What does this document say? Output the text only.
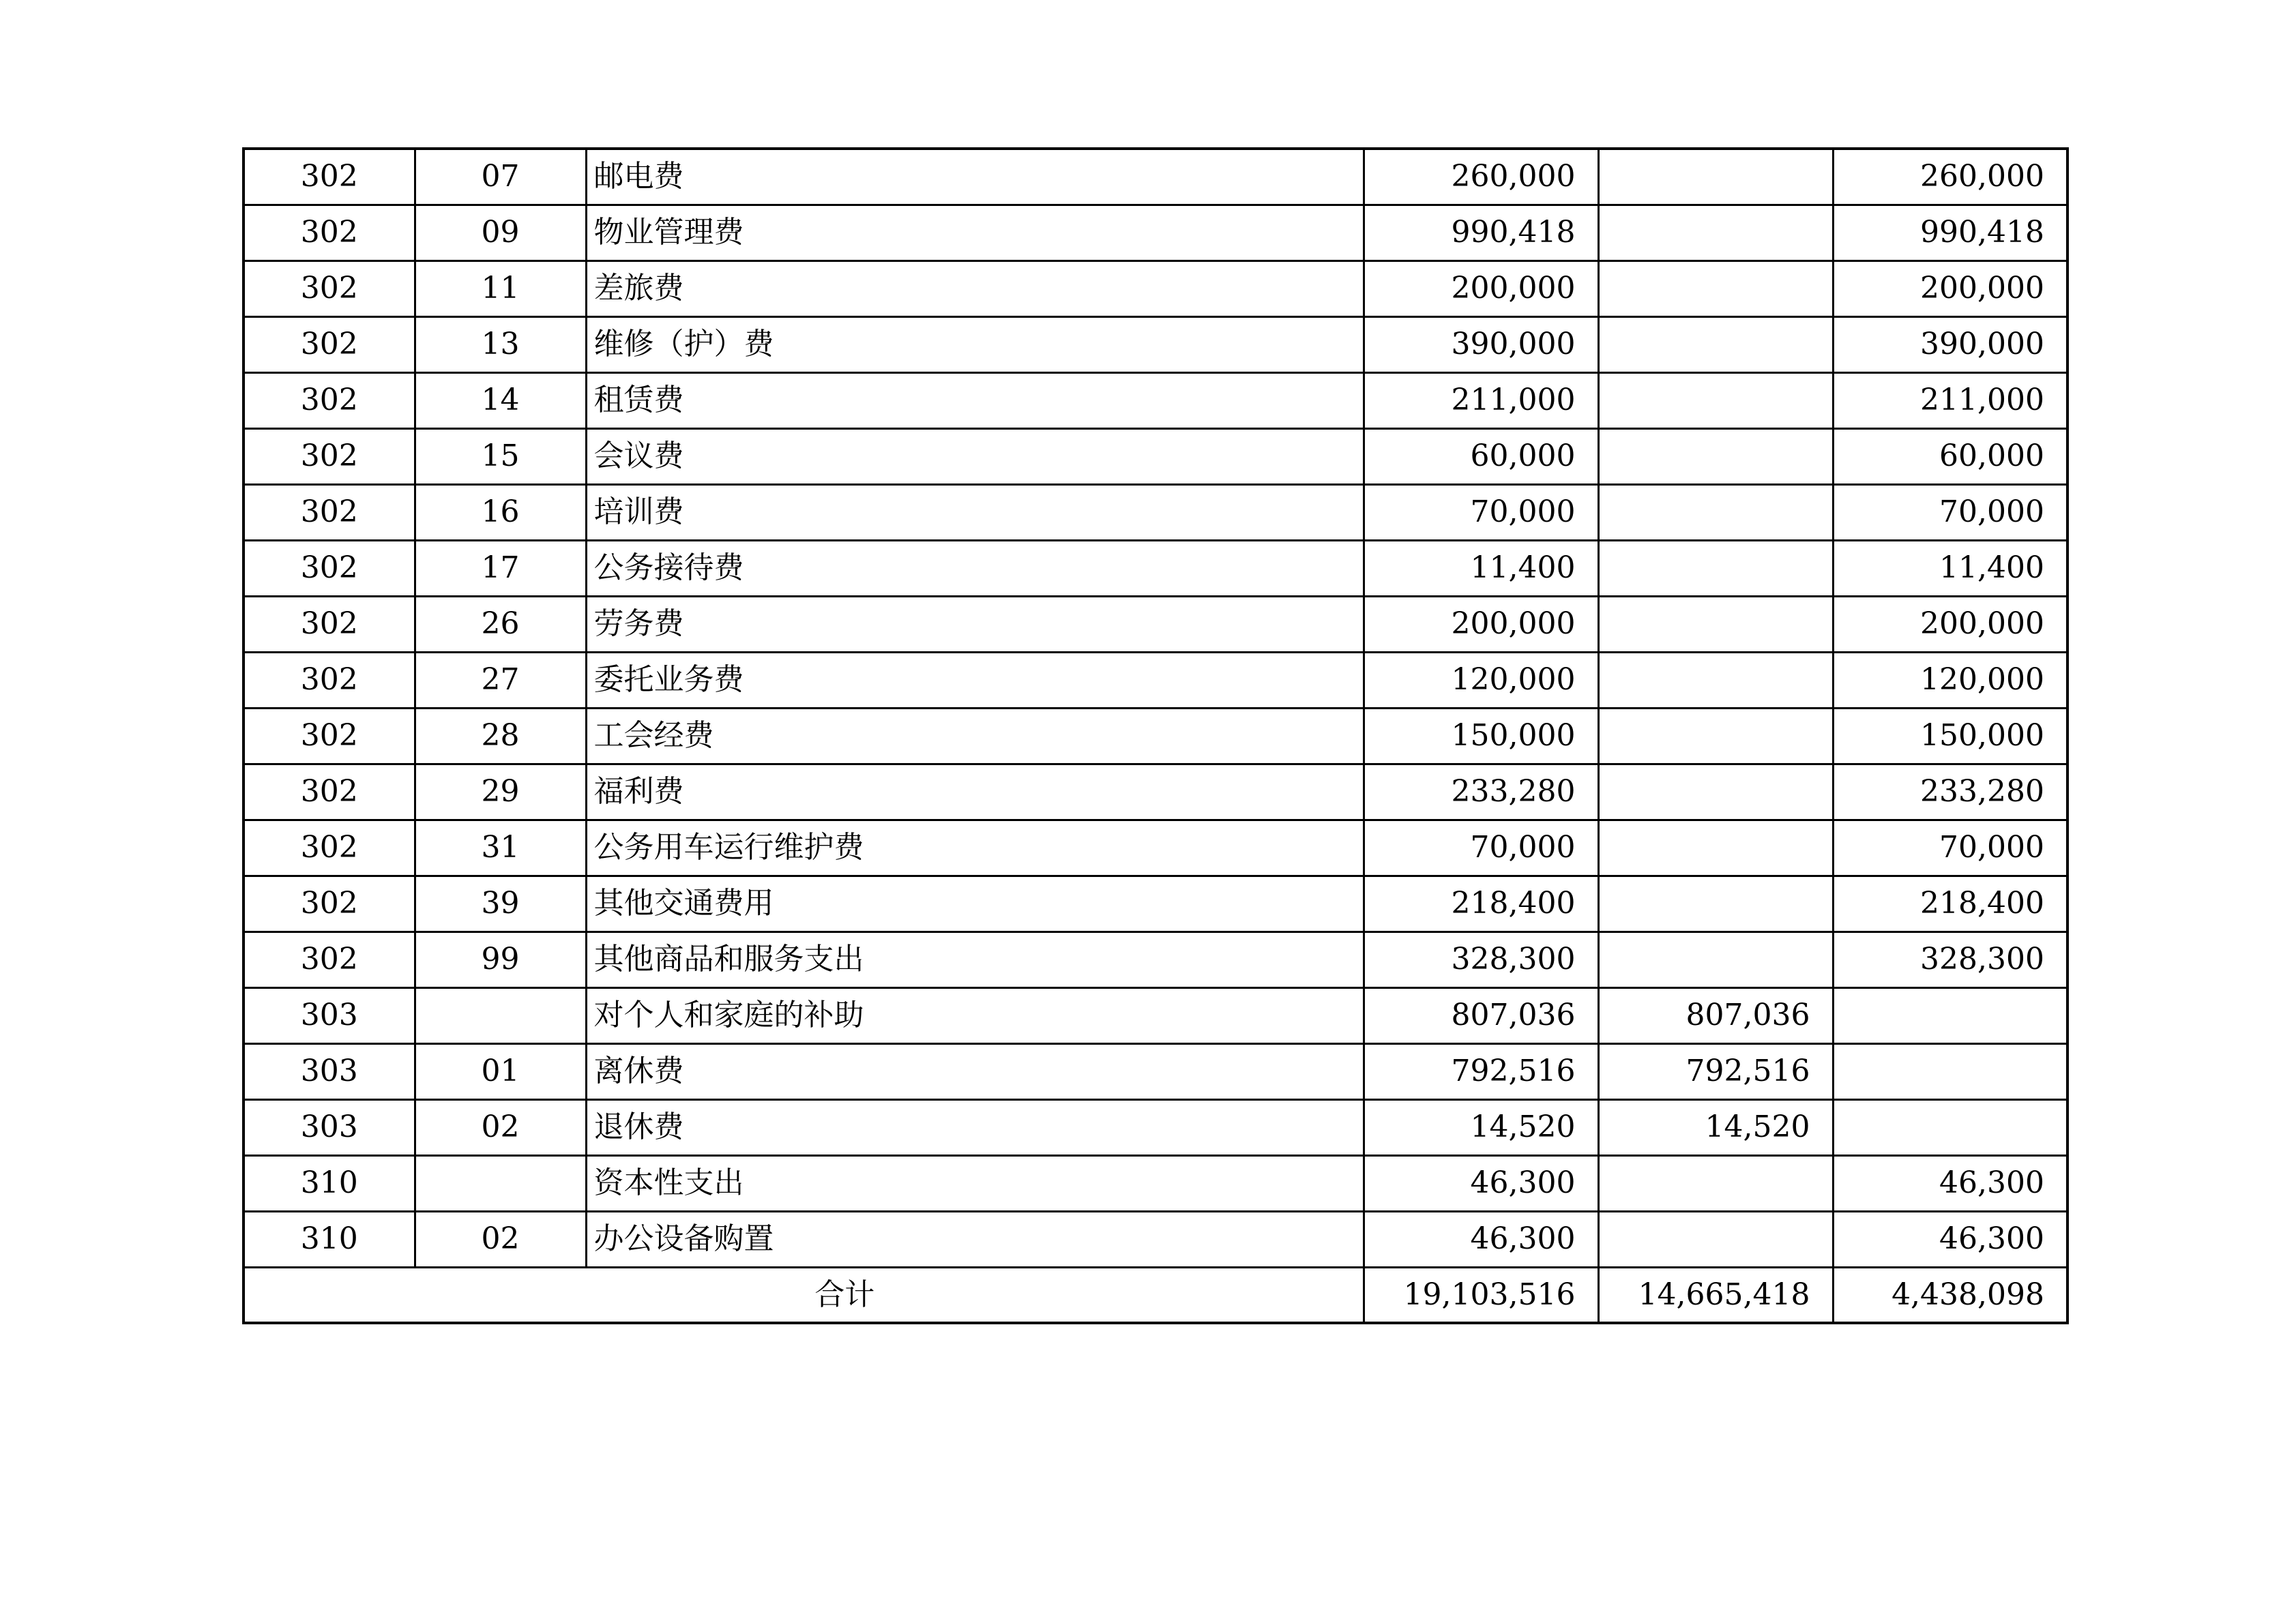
302	07	邮电费	260,000		260,000
302	09	物业管理费	990,418		990,418
302	11	差旅费	200,000		200,000
302	13	维修（护）费	390,000		390,000
302	14	租赁费	211,000		211,000
302	15	会议费	60,000		60,000
302	16	培训费	70,000		70,000
302	17	公务接待费	11,400		11,400
302	26	劳务费	200,000		200,000
302	27	委托业务费	120,000		120,000
302	28	工会经费	150,000		150,000
302	29	福利费	233,280		233,280
302	31	公务用车运行维护费	70,000		70,000
302	39	其他交通费用	218,400		218,400
302	99	其他商品和服务支出	328,300		328,300
303		对个人和家庭的补助	807,036	807,036	
303	01	离休费	792,516	792,516	
303	02	退休费	14,520	14,520	
310		资本性支出	46,300		46,300
310	02	办公设备购置	46,300		46,300
合计			19,103,516	14,665,418	4,438,098
